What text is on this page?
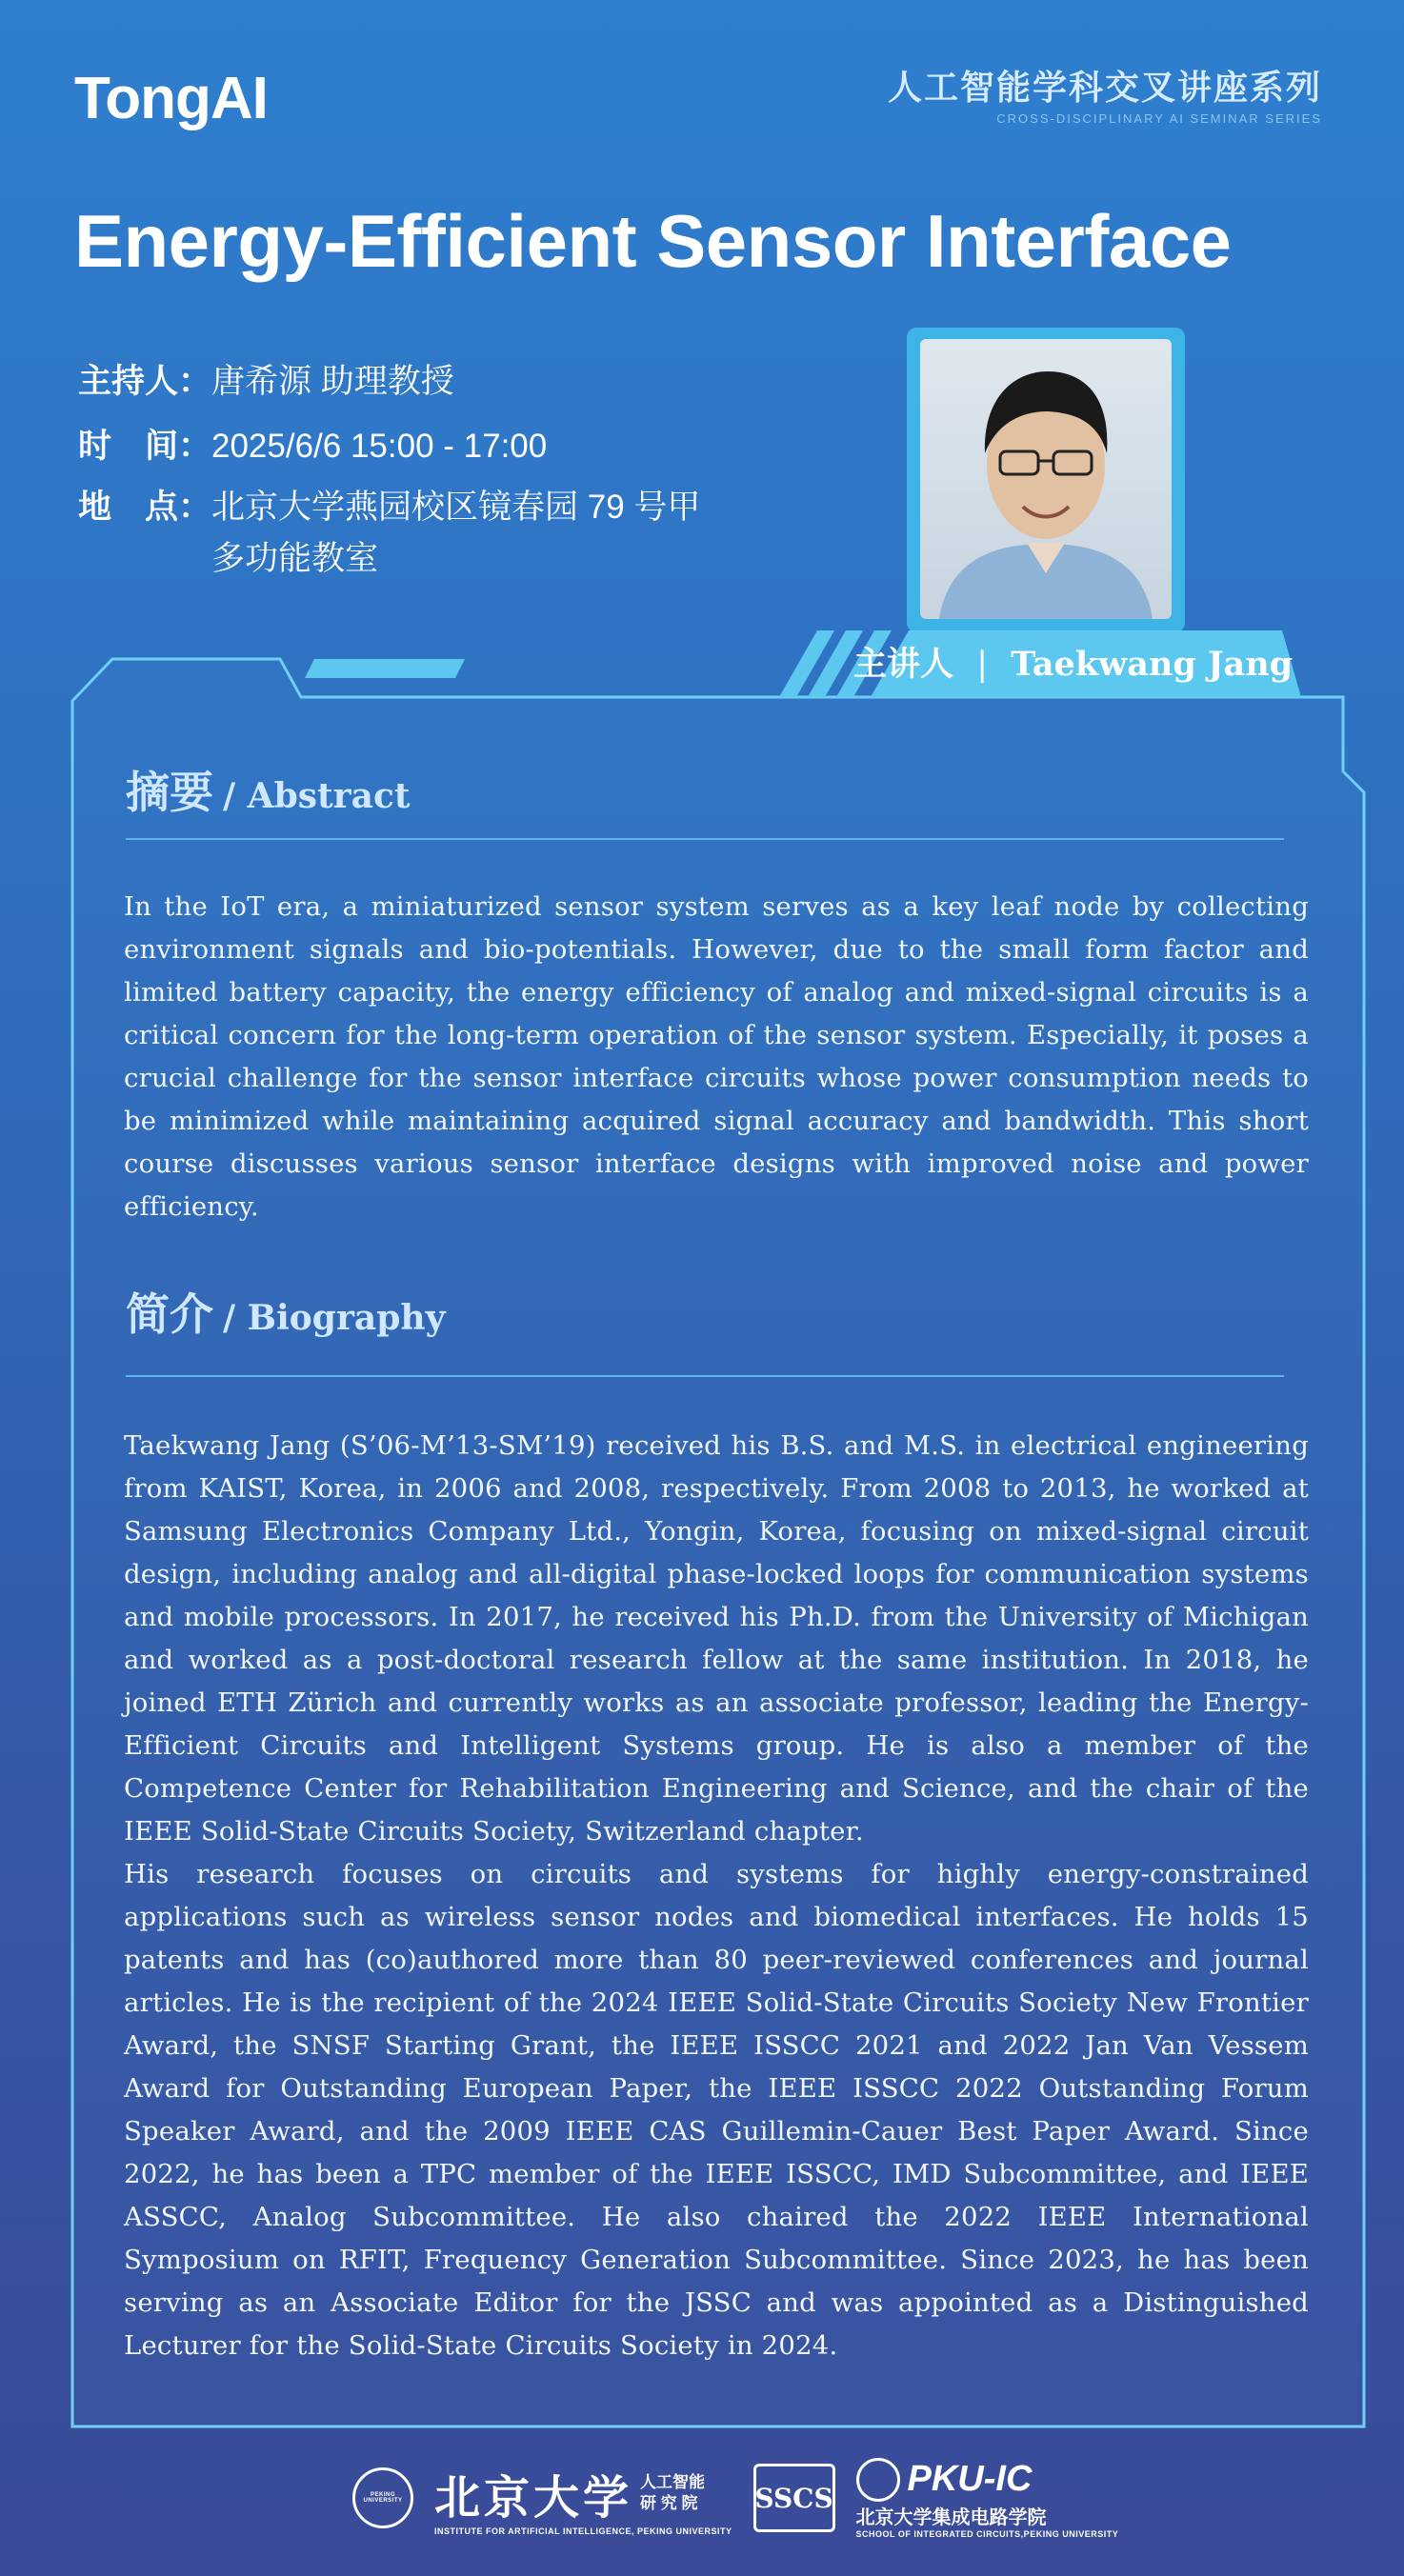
TongAI	人工智能学科交叉讲座系列
CROSS-DISCIPLINARY AI SEMINAR SERIES
Energy-Efficient Sensor Interface
主持人：唐希源 助理教授
时　间：2025/6/6 15:00 - 17:00
地　点：北京大学燕园校区镜春园 79 号甲
多功能教室
主讲人 | Taekwang Jang
摘要 / Abstract
In the IoT era, a miniaturized sensor system serves as a key leaf node by collecting environment signals and bio-potentials. However, due to the small form factor and limited battery capacity, the energy efficiency of analog and mixed-signal circuits is a critical concern for the long-term operation of the sensor system. Especially, it poses a crucial challenge for the sensor interface circuits whose power consumption needs to be minimized while maintaining acquired signal accuracy and bandwidth. This short course discusses various sensor interface designs with improved noise and power efficiency.
简介 / Biography
Taekwang Jang (S’06-M’13-SM’19) received his B.S. and M.S. in electrical engineering from KAIST, Korea, in 2006 and 2008, respectively. From 2008 to 2013, he worked at Samsung Electronics Company Ltd., Yongin, Korea, focusing on mixed-signal circuit design, including analog and all-digital phase-locked loops for communication systems and mobile processors. In 2017, he received his Ph.D. from the University of Michigan and worked as a post-doctoral research fellow at the same institution. In 2018, he joined ETH Zürich and currently works as an associate professor, leading the Energy-Efficient Circuits and Intelligent Systems group. He is also a member of the Competence Center for Rehabilitation Engineering and Science, and the chair of the IEEE Solid-State Circuits Society, Switzerland chapter.
His research focuses on circuits and systems for highly energy-constrained applications such as wireless sensor nodes and biomedical interfaces. He holds 15 patents and has (co)authored more than 80 peer-reviewed conferences and journal articles. He is the recipient of the 2024 IEEE Solid-State Circuits Society New Frontier Award, the SNSF Starting Grant, the IEEE ISSCC 2021 and 2022 Jan Van Vessem Award for Outstanding European Paper, the IEEE ISSCC 2022 Outstanding Forum Speaker Award, and the 2009 IEEE CAS Guillemin-Cauer Best Paper Award. Since 2022, he has been a TPC member of the IEEE ISSCC, IMD Subcommittee, and IEEE ASSCC, Analog Subcommittee. He also chaired the 2022 IEEE International Symposium on RFIT, Frequency Generation Subcommittee. Since 2023, he has been serving as an Associate Editor for the JSSC and was appointed as a Distinguished Lecturer for the Solid-State Circuits Society in 2024.
PEKING UNIVERSITY 北京大学 人工智能
研 究 院
INSTITUTE FOR ARTIFICIAL INTELLIGENCE, PEKING UNIVERSITY
SSCS PKU-IC
北京大学集成电路学院
SCHOOL OF INTEGRATED CIRCUITS,PEKING UNIVERSITY
